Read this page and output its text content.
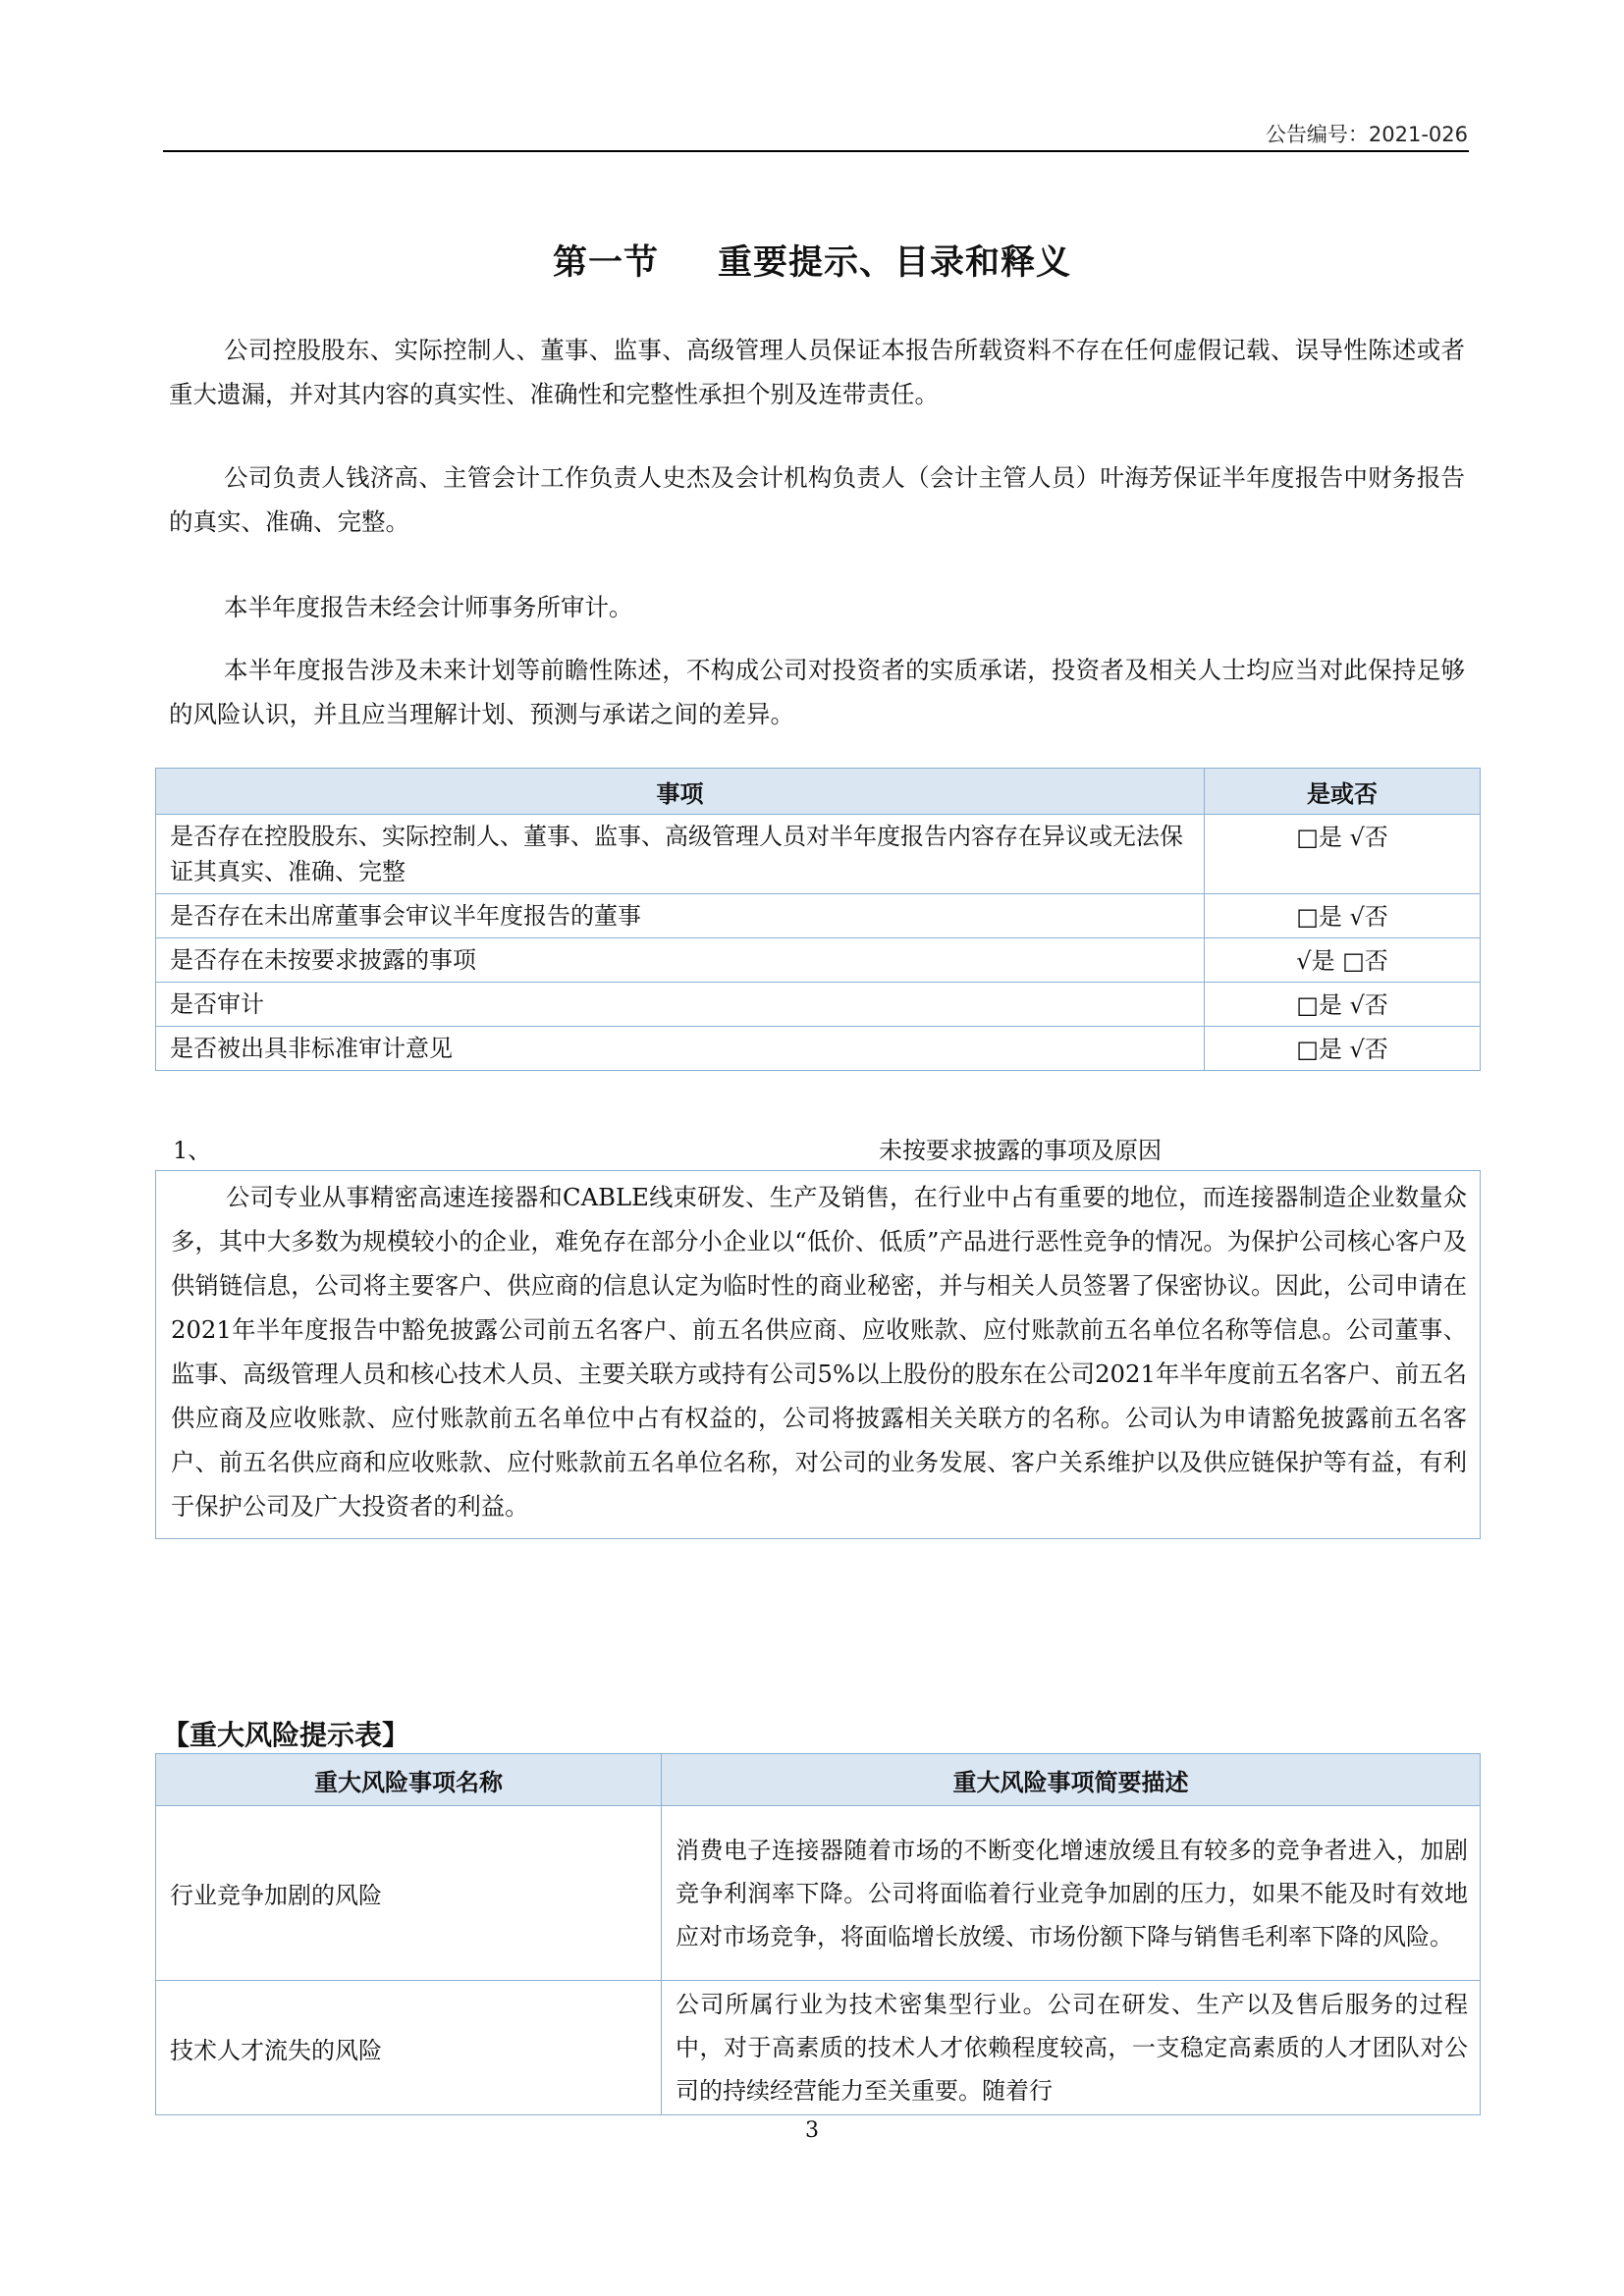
公告编号：2021-026
第一节 重要提示、目录和释义
公司控股股东、实际控制人、董事、监事、高级管理人员保证本报告所载资料不存在任何虚假记载、误导性陈述或者重大遗漏，并对其内容的真实性、准确性和完整性承担个别及连带责任。
公司负责人钱济高、主管会计工作负责人史杰及会计机构负责人（会计主管人员）叶海芳保证半年度报告中财务报告的真实、准确、完整。
本半年度报告未经会计师事务所审计。
本半年度报告涉及未来计划等前瞻性陈述，不构成公司对投资者的实质承诺，投资者及相关人士均应当对此保持足够的风险认识，并且应当理解计划、预测与承诺之间的差异。
事项	是或否
是否存在控股股东、实际控制人、董事、监事、高级管理人员对半年度报告内容存在异议或无法保证其真实、准确、完整	□是 √否
是否存在未出席董事会审议半年度报告的董事	□是 √否
是否存在未按要求披露的事项	√是 □否
是否审计	□是 √否
是否被出具非标准审计意见	□是 √否
1、	未按要求披露的事项及原因
公司专业从事精密高速连接器和CABLE线束研发、生产及销售，在行业中占有重要的地位，而连接器制造企业数量众多，其中大多数为规模较小的企业，难免存在部分小企业以“低价、低质”产品进行恶性竞争的情况。为保护公司核心客户及供销链信息，公司将主要客户、供应商的信息认定为临时性的商业秘密，并与相关人员签署了保密协议。因此，公司申请在2021年半年度报告中豁免披露公司前五名客户、前五名供应商、应收账款、应付账款前五名单位名称等信息。公司董事、监事、高级管理人员和核心技术人员、主要关联方或持有公司5%以上股份的股东在公司2021年半年度前五名客户、前五名供应商及应收账款、应付账款前五名单位中占有权益的，公司将披露相关关联方的名称。公司认为申请豁免披露前五名客户、前五名供应商和应收账款、应付账款前五名单位名称，对公司的业务发展、客户关系维护以及供应链保护等有益，有利于保护公司及广大投资者的利益。
【重大风险提示表】
重大风险事项名称	重大风险事项简要描述
行业竞争加剧的风险	消费电子连接器随着市场的不断变化增速放缓且有较多的竞争者进入，加剧竞争利润率下降。公司将面临着行业竞争加剧的压力，如果不能及时有效地应对市场竞争，将面临增长放缓、市场份额下降与销售毛利率下降的风险。
技术人才流失的风险	公司所属行业为技术密集型行业。公司在研发、生产以及售后服务的过程中，对于高素质的技术人才依赖程度较高，一支稳定高素质的人才团队对公司的持续经营能力至关重要。随着行
3
